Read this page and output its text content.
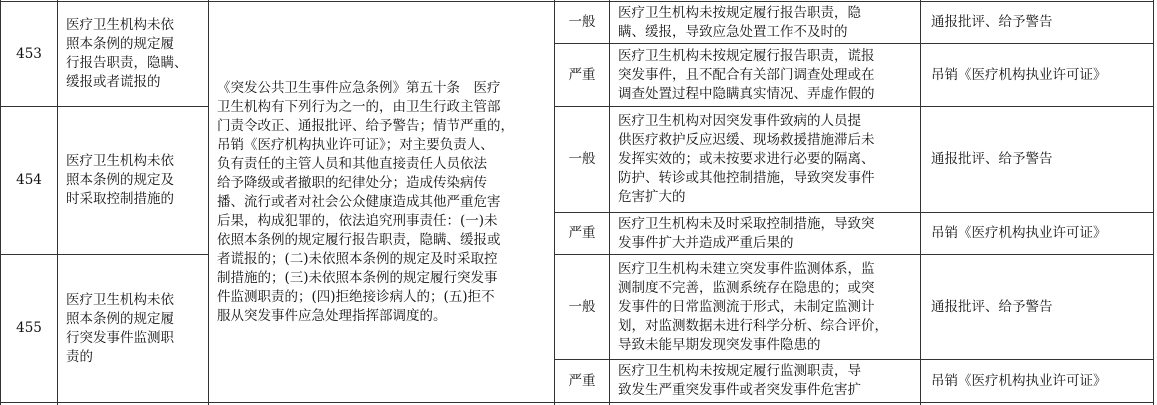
453
医疗卫生机构未依
照本条例的规定履
行报告职责，隐瞒、
缓报或者谎报的
一般
医疗卫生机构未按规定履行报告职责，隐
瞒、缓报，导致应急处置工作不及时的
通报批评、给予警告
严重
医疗卫生机构未按规定履行报告职责，谎报
突发事件，且不配合有关部门调查处理或在
调查处置过程中隐瞒真实情况、弄虚作假的
吊销《医疗机构执业许可证》
454
医疗卫生机构未依
照本条例的规定及
时采取控制措施的
一般
医疗卫生机构对因突发事件致病的人员提
供医疗救护反应迟缓、现场救援措施滞后未
发挥实效的；或未按要求进行必要的隔离、
防护、转诊或其他控制措施，导致突发事件
危害扩大的
通报批评、给予警告
严重
医疗卫生机构未及时采取控制措施，导致突
发事件扩大并造成严重后果的
吊销《医疗机构执业许可证》
455
医疗卫生机构未依
照本条例的规定履
行突发事件监测职
责的
一般
医疗卫生机构未建立突发事件监测体系，监
测制度不完善，监测系统存在隐患的；或突
发事件的日常监测流于形式，未制定监测计
划，对监测数据未进行科学分析、综合评价，
导致未能早期发现突发事件隐患的
通报批评、给予警告
严重
医疗卫生机构未按规定履行监测职责，导
致发生严重突发事件或者突发事件危害扩
吊销《医疗机构执业许可证》
《突发公共卫生事件应急条例》第五十条　医疗
卫生机构有下列行为之一的，由卫生行政主管部
门责令改正、通报批评、给予警告；情节严重的，
吊销《医疗机构执业许可证》；对主要负责人、
负有责任的主管人员和其他直接责任人员依法
给予降级或者撤职的纪律处分；造成传染病传
播、流行或者对社会公众健康造成其他严重危害
后果，构成犯罪的，依法追究刑事责任：(一)未
依照本条例的规定履行报告职责，隐瞒、缓报或
者谎报的；(二)未依照本条例的规定及时采取控
制措施的；(三)未依照本条例的规定履行突发事
件监测职责的；(四)拒绝接诊病人的；(五)拒不
服从突发事件应急处理指挥部调度的。
